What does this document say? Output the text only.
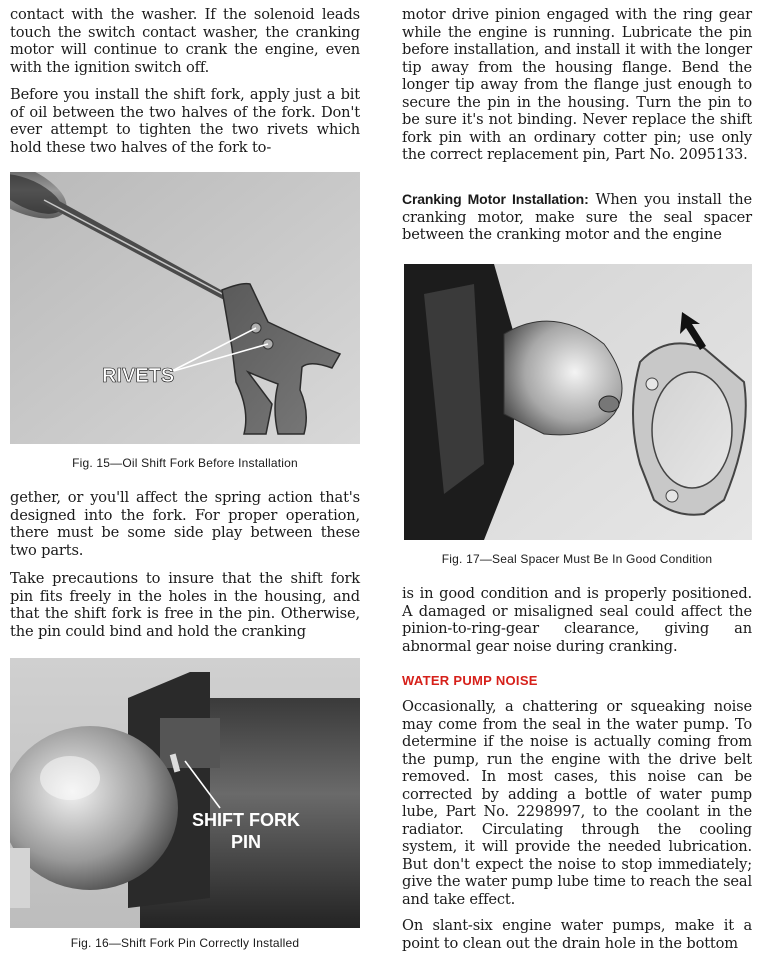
contact with the washer. If the solenoid leads touch the switch contact washer, the cranking motor will continue to crank the engine, even with the ignition switch off.

Before you install the shift fork, apply just a bit of oil between the two halves of the fork. Don't ever attempt to tighten the two rivets which hold these two halves of the fork to-

RIVETS

Fig. 15—Oil Shift Fork Before Installation

gether, or you'll affect the spring action that's designed into the fork. For proper operation, there must be some side play between these two parts.

Take precautions to insure that the shift fork pin fits freely in the holes in the housing, and that the shift fork is free in the pin. Otherwise, the pin could bind and hold the cranking

SHIFT FORK
PIN

Fig. 16—Shift Fork Pin Correctly Installed

motor drive pinion engaged with the ring gear while the engine is running. Lubricate the pin before installation, and install it with the longer tip away from the housing flange. Bend the longer tip away from the flange just enough to secure the pin in the housing. Turn the pin to be sure it's not binding. Never replace the shift fork pin with an ordinary cotter pin; use only the correct replacement pin, Part No. 2095133.

Cranking Motor Installation: When you install the cranking motor, make sure the seal spacer between the cranking motor and the engine

Fig. 17—Seal Spacer Must Be In Good Condition

is in good condition and is properly positioned. A damaged or misaligned seal could affect the pinion-to-ring-gear clearance, giving an abnormal gear noise during cranking.

WATER PUMP NOISE

Occasionally, a chattering or squeaking noise may come from the seal in the water pump. To determine if the noise is actually coming from the pump, run the engine with the drive belt removed. In most cases, this noise can be corrected by adding a bottle of water pump lube, Part No. 2298997, to the coolant in the radiator. Circulating through the cooling system, it will provide the needed lubrication. But don't expect the noise to stop immediately; give the water pump lube time to reach the seal and take effect.

On slant-six engine water pumps, make it a point to clean out the drain hole in the bottom
